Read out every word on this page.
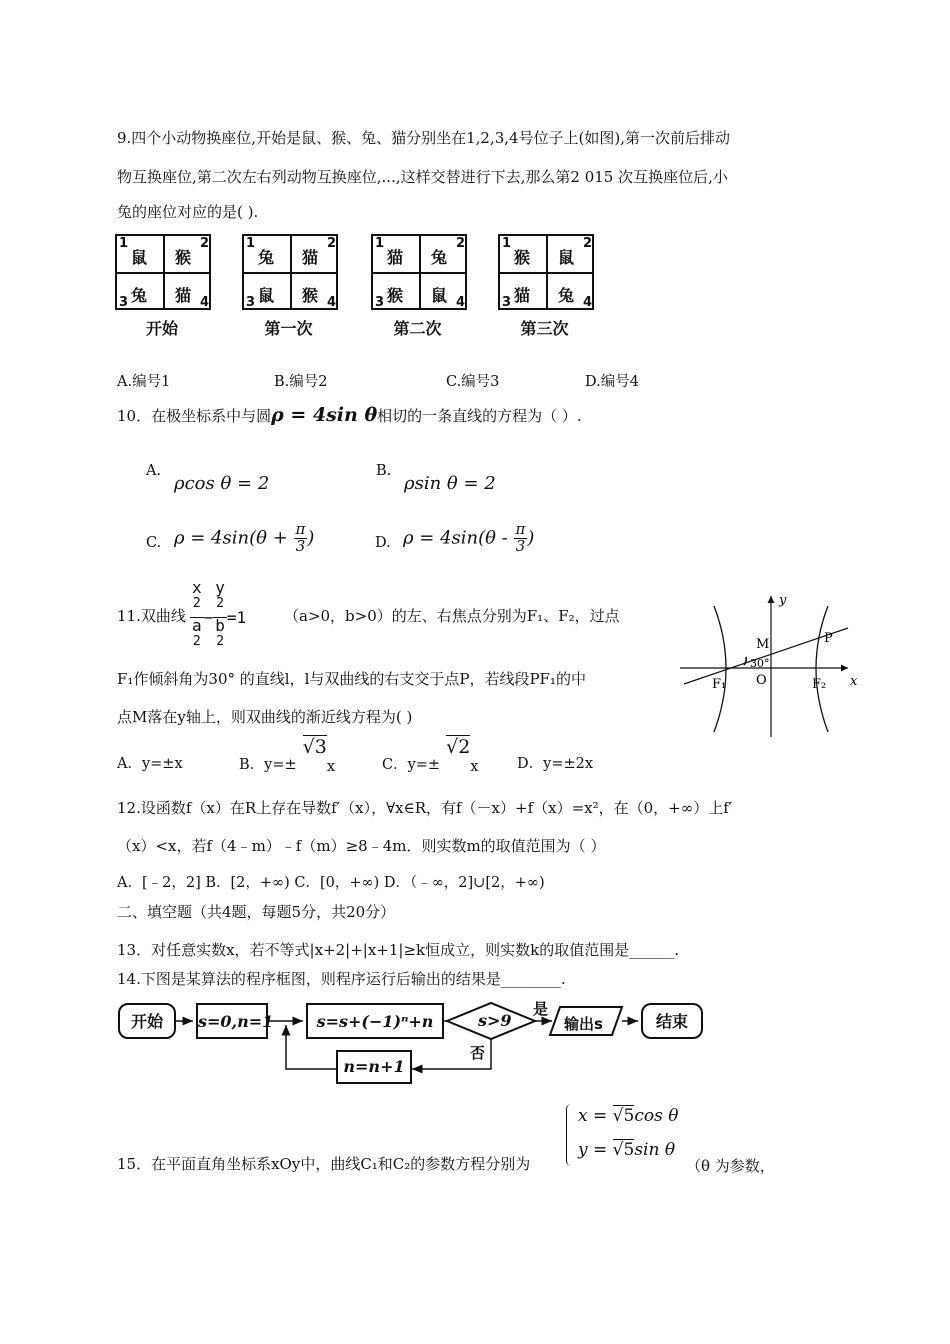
9.四个小动物换座位,开始是鼠、猴、兔、猫分别坐在1,2,3,4号位子上(如图),第一次前后排动
物互换座位,第二次左右列动物互换座位,...,这样交替进行下去,那么第2 015 次互换座位后,小
兔的座位对应的是( ).
1
鼠
2
猴
3 兔	4
猫
开始
1
兔
2
猫
3 鼠	4
猴
第一次
1
猫
2
兔
3 猴	4
鼠
第二次
1
猴
2
鼠
3 猫	4
兔
第三次
A.编号1	B.编号2	C.编号3	D.编号4
10．在极坐标系中与圆ρ = 4sin θ相切的一条直线的方程为（ ）.
A.
ρcos θ = 2
B.
ρsin θ = 2
C. $\rho = 4\sin(\theta + \frac{\pi}{3}$ )	D. $\rho = 4\sin(\theta - \frac{\pi}{3}$ )
11.双曲线 x
$^2$
a
$^2$ − y
$^2$
b
$^2$ =1	（a>0，b>0）的左、右焦点分别为F₁、F₂，过点
F₁作倾斜角为30° 的直线l，l与双曲线的右支交于点P，若线段PF₁的中
点M落在y轴上，则双曲线的渐近线方程为( )
A．y=±x	B．y=±√3x	C．y=±√2x	D．y=±2x
y
x
M	P
O
F₁	F₂
30°
12.设函数f（x）在R上存在导数f′（x），∀x∈R，有f（－x）+f（x）=x²，在（0，+∞）上f′
（x）<x，若f（4﹣m）﹣f（m）≥8﹣4m．则实数m的取值范围为（ ）
A．[﹣2，2] B．[2，+∞) C．[0，+∞) D．（﹣∞，2]∪[2，+∞)
二、填空题（共4题，每题5分，共20分）
13．对任意实数x，若不等式|x+2|+|x+1|≥k恒成立，则实数k的取值范围是______.
14.下图是某算法的程序框图，则程序运行后输出的结果是________.
开始	s=0,n=1	s=s+(−1)ⁿ+n	s>9
是
否
输出s	结束
n=n+1
15．在平面直角坐标系xOy中，曲线C₁和C₂的参数方程分别为
x = √5cos θ
y = √5sin θ
（θ 为参数，
